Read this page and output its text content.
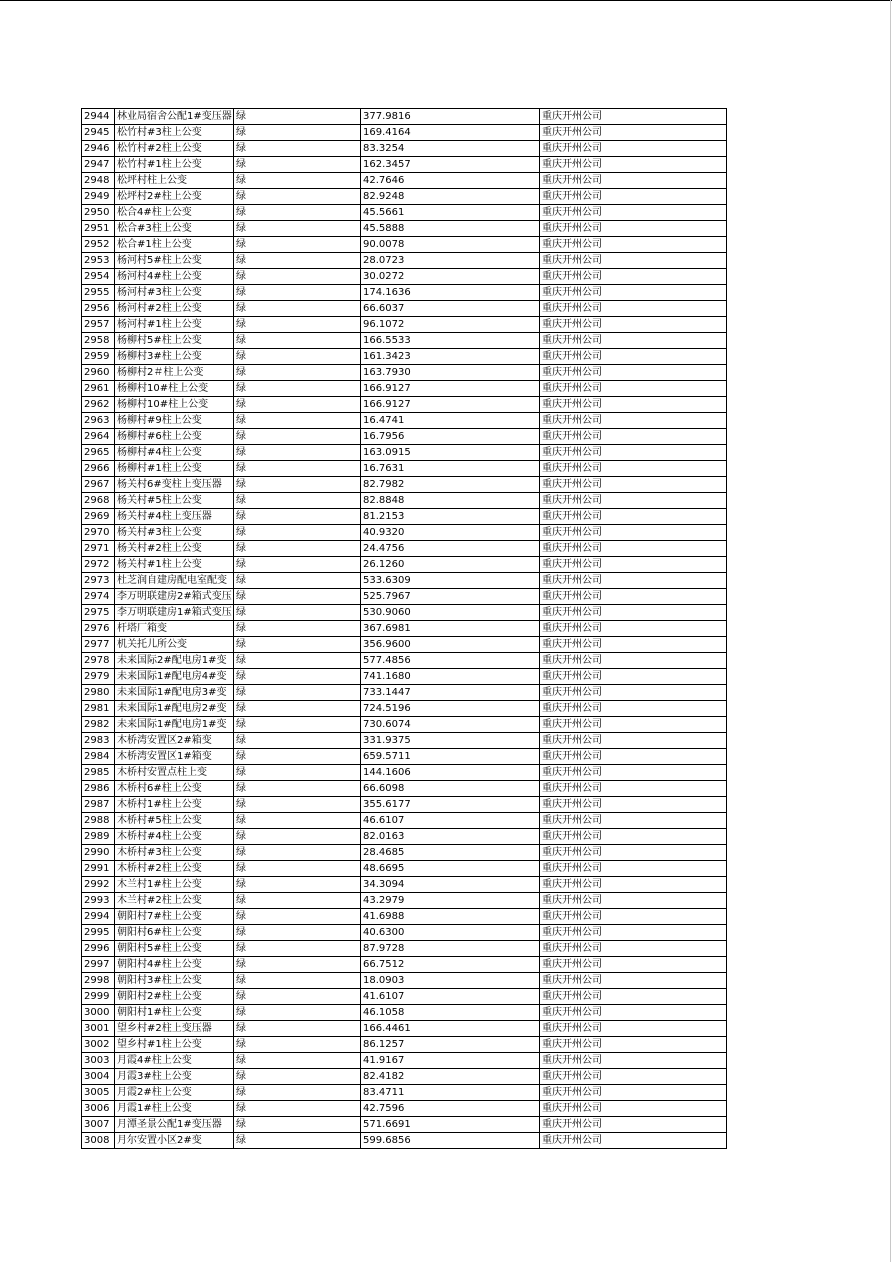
2944	林业局宿舍公配1#变压器	绿	377.9816	重庆开州公司
2945	松竹村#3柱上公变	绿	169.4164	重庆开州公司
2946	松竹村#2柱上公变	绿	83.3254	重庆开州公司
2947	松竹村#1柱上公变	绿	162.3457	重庆开州公司
2948	松坪村柱上公变	绿	42.7646	重庆开州公司
2949	松坪村2#柱上公变	绿	82.9248	重庆开州公司
2950	松合4#柱上公变	绿	45.5661	重庆开州公司
2951	松合#3柱上公变	绿	45.5888	重庆开州公司
2952	松合#1柱上公变	绿	90.0078	重庆开州公司
2953	杨河村5#柱上公变	绿	28.0723	重庆开州公司
2954	杨河村4#柱上公变	绿	30.0272	重庆开州公司
2955	杨河村#3柱上公变	绿	174.1636	重庆开州公司
2956	杨河村#2柱上公变	绿	66.6037	重庆开州公司
2957	杨河村#1柱上公变	绿	96.1072	重庆开州公司
2958	杨柳村5#柱上公变	绿	166.5533	重庆开州公司
2959	杨柳村3#柱上公变	绿	161.3423	重庆开州公司
2960	杨柳村2＃柱上公变	绿	163.7930	重庆开州公司
2961	杨柳村10#柱上公变	绿	166.9127	重庆开州公司
2962	杨柳村10#柱上公变	绿	166.9127	重庆开州公司
2963	杨柳村#9柱上公变	绿	16.4741	重庆开州公司
2964	杨柳村#6柱上公变	绿	16.7956	重庆开州公司
2965	杨柳村#4柱上公变	绿	163.0915	重庆开州公司
2966	杨柳村#1柱上公变	绿	16.7631	重庆开州公司
2967	杨关村6#变柱上变压器	绿	82.7982	重庆开州公司
2968	杨关村#5柱上公变	绿	82.8848	重庆开州公司
2969	杨关村#4柱上变压器	绿	81.2153	重庆开州公司
2970	杨关村#3柱上公变	绿	40.9320	重庆开州公司
2971	杨关村#2柱上公变	绿	24.4756	重庆开州公司
2972	杨关村#1柱上公变	绿	26.1260	重庆开州公司
2973	杜芝润自建房配电室配变	绿	533.6309	重庆开州公司
2974	李万明联建房2#箱式变压	绿	525.7967	重庆开州公司
2975	李万明联建房1#箱式变压	绿	530.9060	重庆开州公司
2976	杆塔厂箱变	绿	367.6981	重庆开州公司
2977	机关托儿所公变	绿	356.9600	重庆开州公司
2978	未来国际2#配电房1#变	绿	577.4856	重庆开州公司
2979	未来国际1#配电房4#变	绿	741.1680	重庆开州公司
2980	未来国际1#配电房3#变	绿	733.1447	重庆开州公司
2981	未来国际1#配电房2#变	绿	724.5196	重庆开州公司
2982	未来国际1#配电房1#变	绿	730.6074	重庆开州公司
2983	木桥湾安置区2#箱变	绿	331.9375	重庆开州公司
2984	木桥湾安置区1#箱变	绿	659.5711	重庆开州公司
2985	木桥村安置点柱上变	绿	144.1606	重庆开州公司
2986	木桥村6#柱上公变	绿	66.6098	重庆开州公司
2987	木桥村1#柱上公变	绿	355.6177	重庆开州公司
2988	木桥村#5柱上公变	绿	46.6107	重庆开州公司
2989	木桥村#4柱上公变	绿	82.0163	重庆开州公司
2990	木桥村#3柱上公变	绿	28.4685	重庆开州公司
2991	木桥村#2柱上公变	绿	48.6695	重庆开州公司
2992	木兰村1#柱上公变	绿	34.3094	重庆开州公司
2993	木兰村#2柱上公变	绿	43.2979	重庆开州公司
2994	朝阳村7#柱上公变	绿	41.6988	重庆开州公司
2995	朝阳村6#柱上公变	绿	40.6300	重庆开州公司
2996	朝阳村5#柱上公变	绿	87.9728	重庆开州公司
2997	朝阳村4#柱上公变	绿	66.7512	重庆开州公司
2998	朝阳村3#柱上公变	绿	18.0903	重庆开州公司
2999	朝阳村2#柱上公变	绿	41.6107	重庆开州公司
3000	朝阳村1#柱上公变	绿	46.1058	重庆开州公司
3001	望乡村#2柱上变压器	绿	166.4461	重庆开州公司
3002	望乡村#1柱上公变	绿	86.1257	重庆开州公司
3003	月霞4#柱上公变	绿	41.9167	重庆开州公司
3004	月霞3#柱上公变	绿	82.4182	重庆开州公司
3005	月霞2#柱上公变	绿	83.4711	重庆开州公司
3006	月霞1#柱上公变	绿	42.7596	重庆开州公司
3007	月潭圣景公配1#变压器	绿	571.6691	重庆开州公司
3008	月尔安置小区2#变	绿	599.6856	重庆开州公司
